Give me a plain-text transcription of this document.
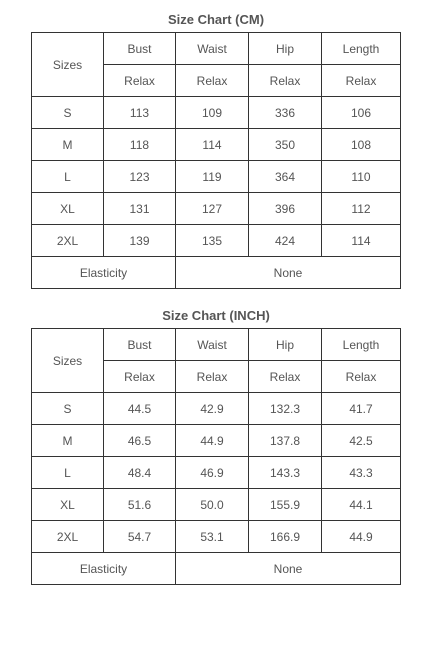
Size Chart (CM)
Sizes	Bust	Waist	Hip	Length
	Relax	Relax	Relax	Relax
S	113	109	336	106
M	118	114	350	108
L	123	119	364	110
XL	131	127	396	112
2XL	139	135	424	114
Elasticity		None		
Size Chart (INCH)
Sizes	Bust	Waist	Hip	Length
	Relax	Relax	Relax	Relax
S	44.5	42.9	132.3	41.7
M	46.5	44.9	137.8	42.5
L	48.4	46.9	143.3	43.3
XL	51.6	50.0	155.9	44.1
2XL	54.7	53.1	166.9	44.9
Elasticity		None		
